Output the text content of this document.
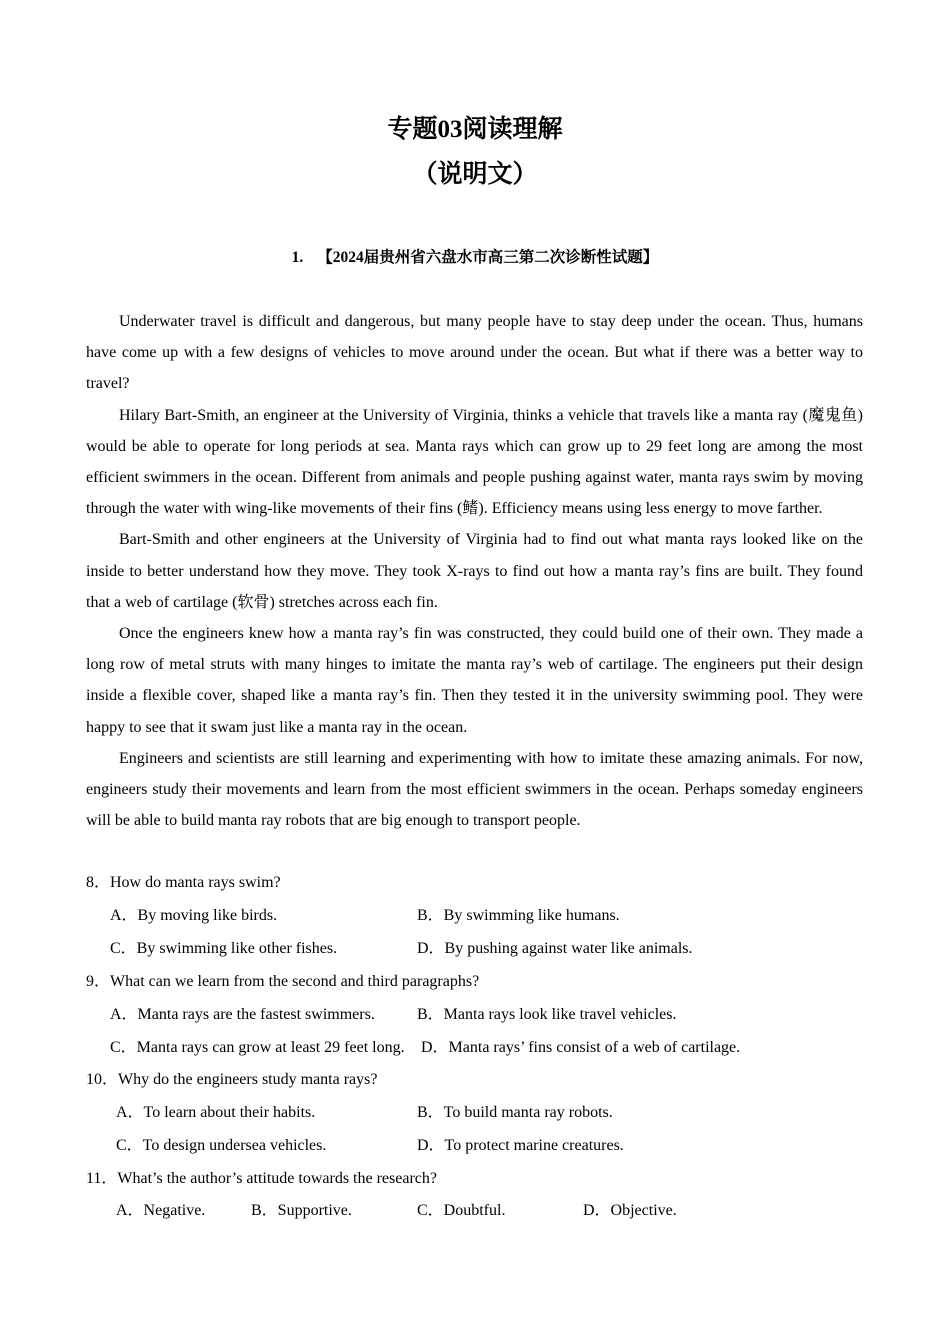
专题03阅读理解
（说明文）
1. 【2024届贵州省六盘水市高三第二次诊断性试题】

Underwater travel is difficult and dangerous, but many people have to stay deep under the ocean. Thus, humans have come up with a few designs of vehicles to move around under the ocean. But what if there was a better way to travel?

Hilary Bart-Smith, an engineer at the University of Virginia, thinks a vehicle that travels like a manta ray (魔鬼鱼) would be able to operate for long periods at sea. Manta rays which can grow up to 29 feet long are among the most efficient swimmers in the ocean. Different from animals and people pushing against water, manta rays swim by moving through the water with wing-like movements of their fins (鳍). Efficiency means using less energy to move farther.

Bart-Smith and other engineers at the University of Virginia had to find out what manta rays looked like on the inside to better understand how they move. They took X-rays to find out how a manta ray’s fins are built. They found that a web of cartilage (软骨) stretches across each fin.

Once the engineers knew how a manta ray’s fin was constructed, they could build one of their own. They made a long row of metal struts with many hinges to imitate the manta ray’s web of cartilage. The engineers put their design inside a flexible cover, shaped like a manta ray’s fin. Then they tested it in the university swimming pool. They were happy to see that it swam just like a manta ray in the ocean.

Engineers and scientists are still learning and experimenting with how to imitate these amazing animals. For now, engineers study their movements and learn from the most efficient swimmers in the ocean. Perhaps someday engineers will be able to build manta ray robots that are big enough to transport people.

8．How do manta rays swim?
A．By moving like birds.	B．By swimming like humans.
C．By swimming like other fishes.	D．By pushing against water like animals.
9．What can we learn from the second and third paragraphs?
A．Manta rays are the fastest swimmers.	B．Manta rays look like travel vehicles.
C．Manta rays can grow at least 29 feet long. D．Manta rays’ fins consist of a web of cartilage.
10．Why do the engineers study manta rays?
A．To learn about their habits.	B．To build manta ray robots.
C．To design undersea vehicles.	D．To protect marine creatures.
11．What’s the author’s attitude towards the research?
A．Negative.	B．Supportive.	C．Doubtful.	D．Objective.
